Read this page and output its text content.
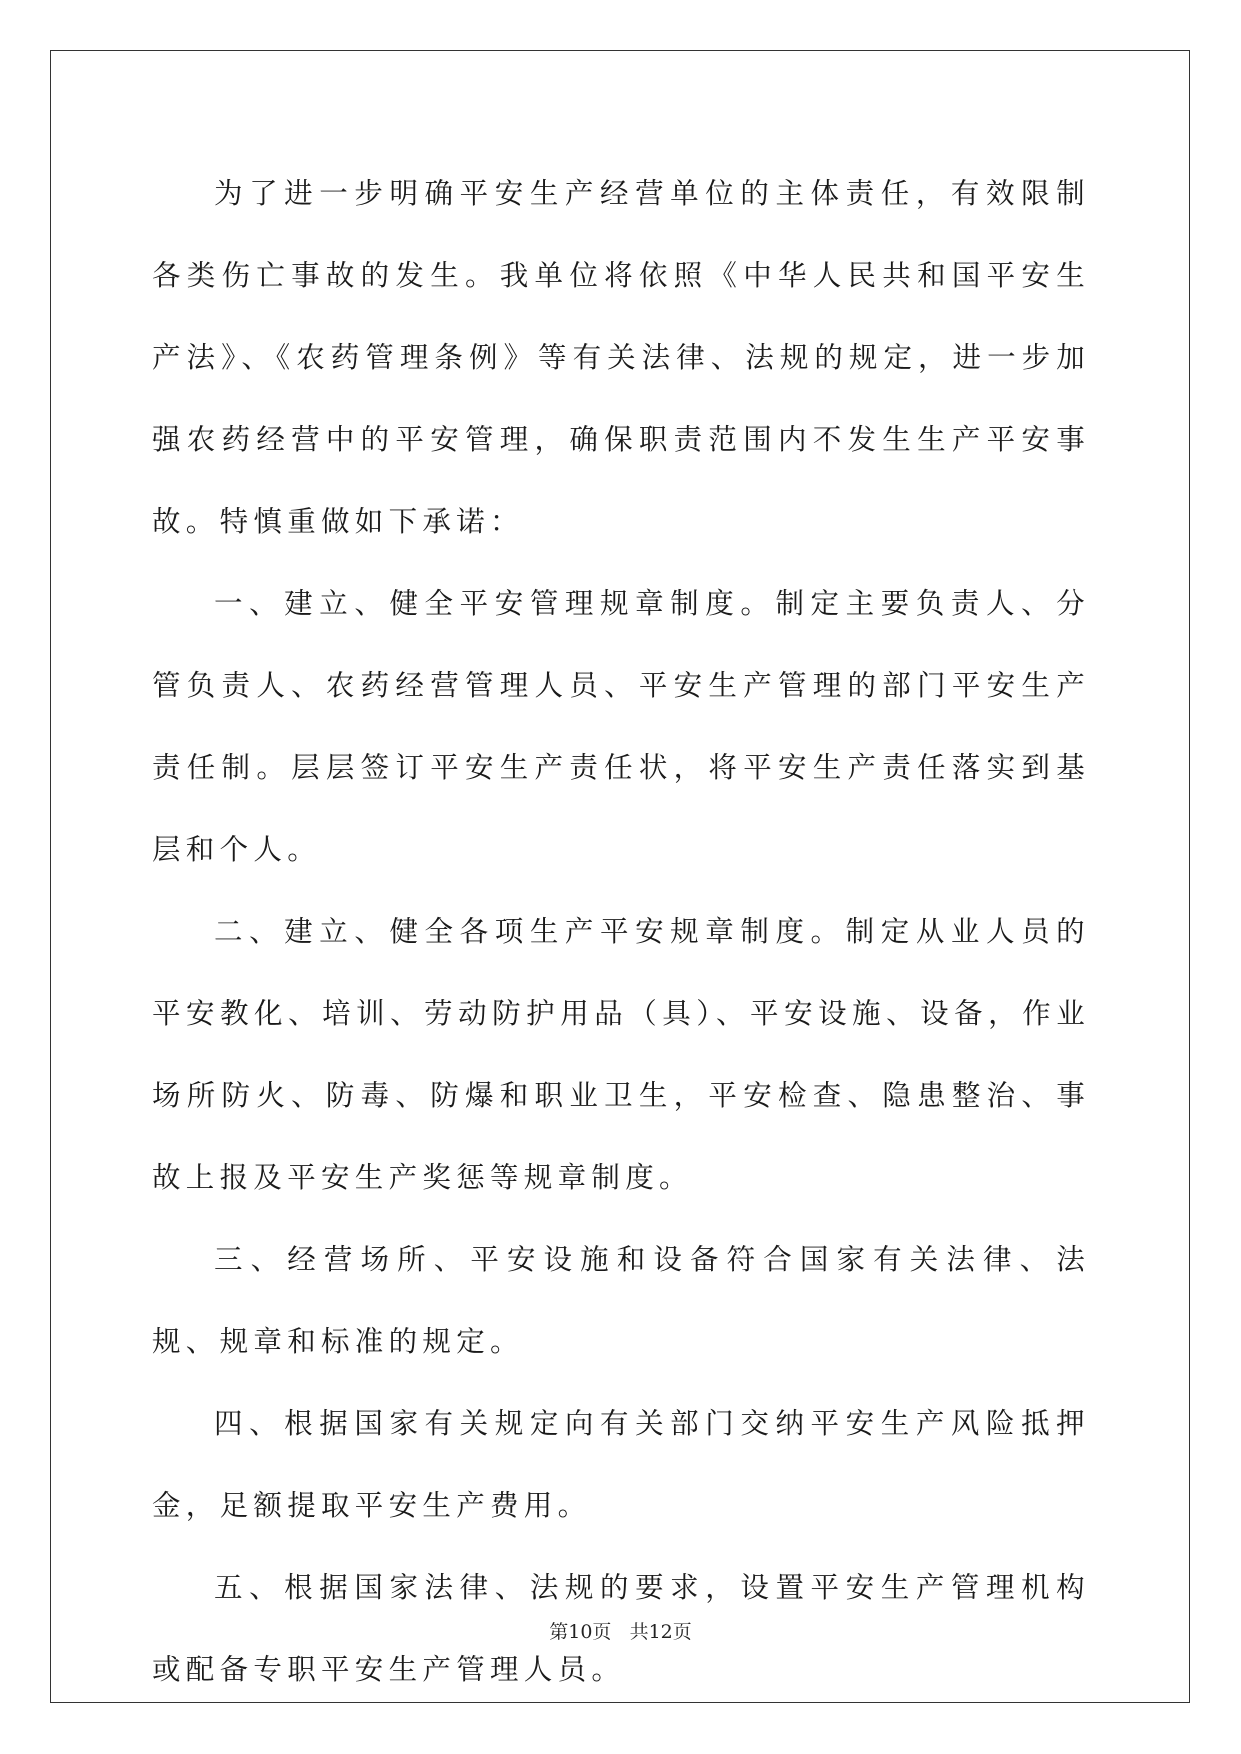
为了进一步明确平安生产经营单位的主体责任，有效限制各类伤亡事故的发生。我单位将依照《中华人民共和国平安生产法》、《农药管理条例》等有关法律、法规的规定，进一步加强农药经营中的平安管理，确保职责范围内不发生生产平安事故。特慎重做如下承诺：

一、建立、健全平安管理规章制度。制定主要负责人、分管负责人、农药经营管理人员、平安生产管理的部门平安生产责任制。层层签订平安生产责任状，将平安生产责任落实到基层和个人。

二、建立、健全各项生产平安规章制度。制定从业人员的平安教化、培训、劳动防护用品（具）、平安设施、设备，作业场所防火、防毒、防爆和职业卫生，平安检查、隐患整治、事故上报及平安生产奖惩等规章制度。

三、经营场所、平安设施和设备符合国家有关法律、法规、规章和标准的规定。

四、根据国家有关规定向有关部门交纳平安生产风险抵押金，足额提取平安生产费用。

五、根据国家法律、法规的要求，设置平安生产管理机构或配备专职平安生产管理人员。

第10页 共12页
